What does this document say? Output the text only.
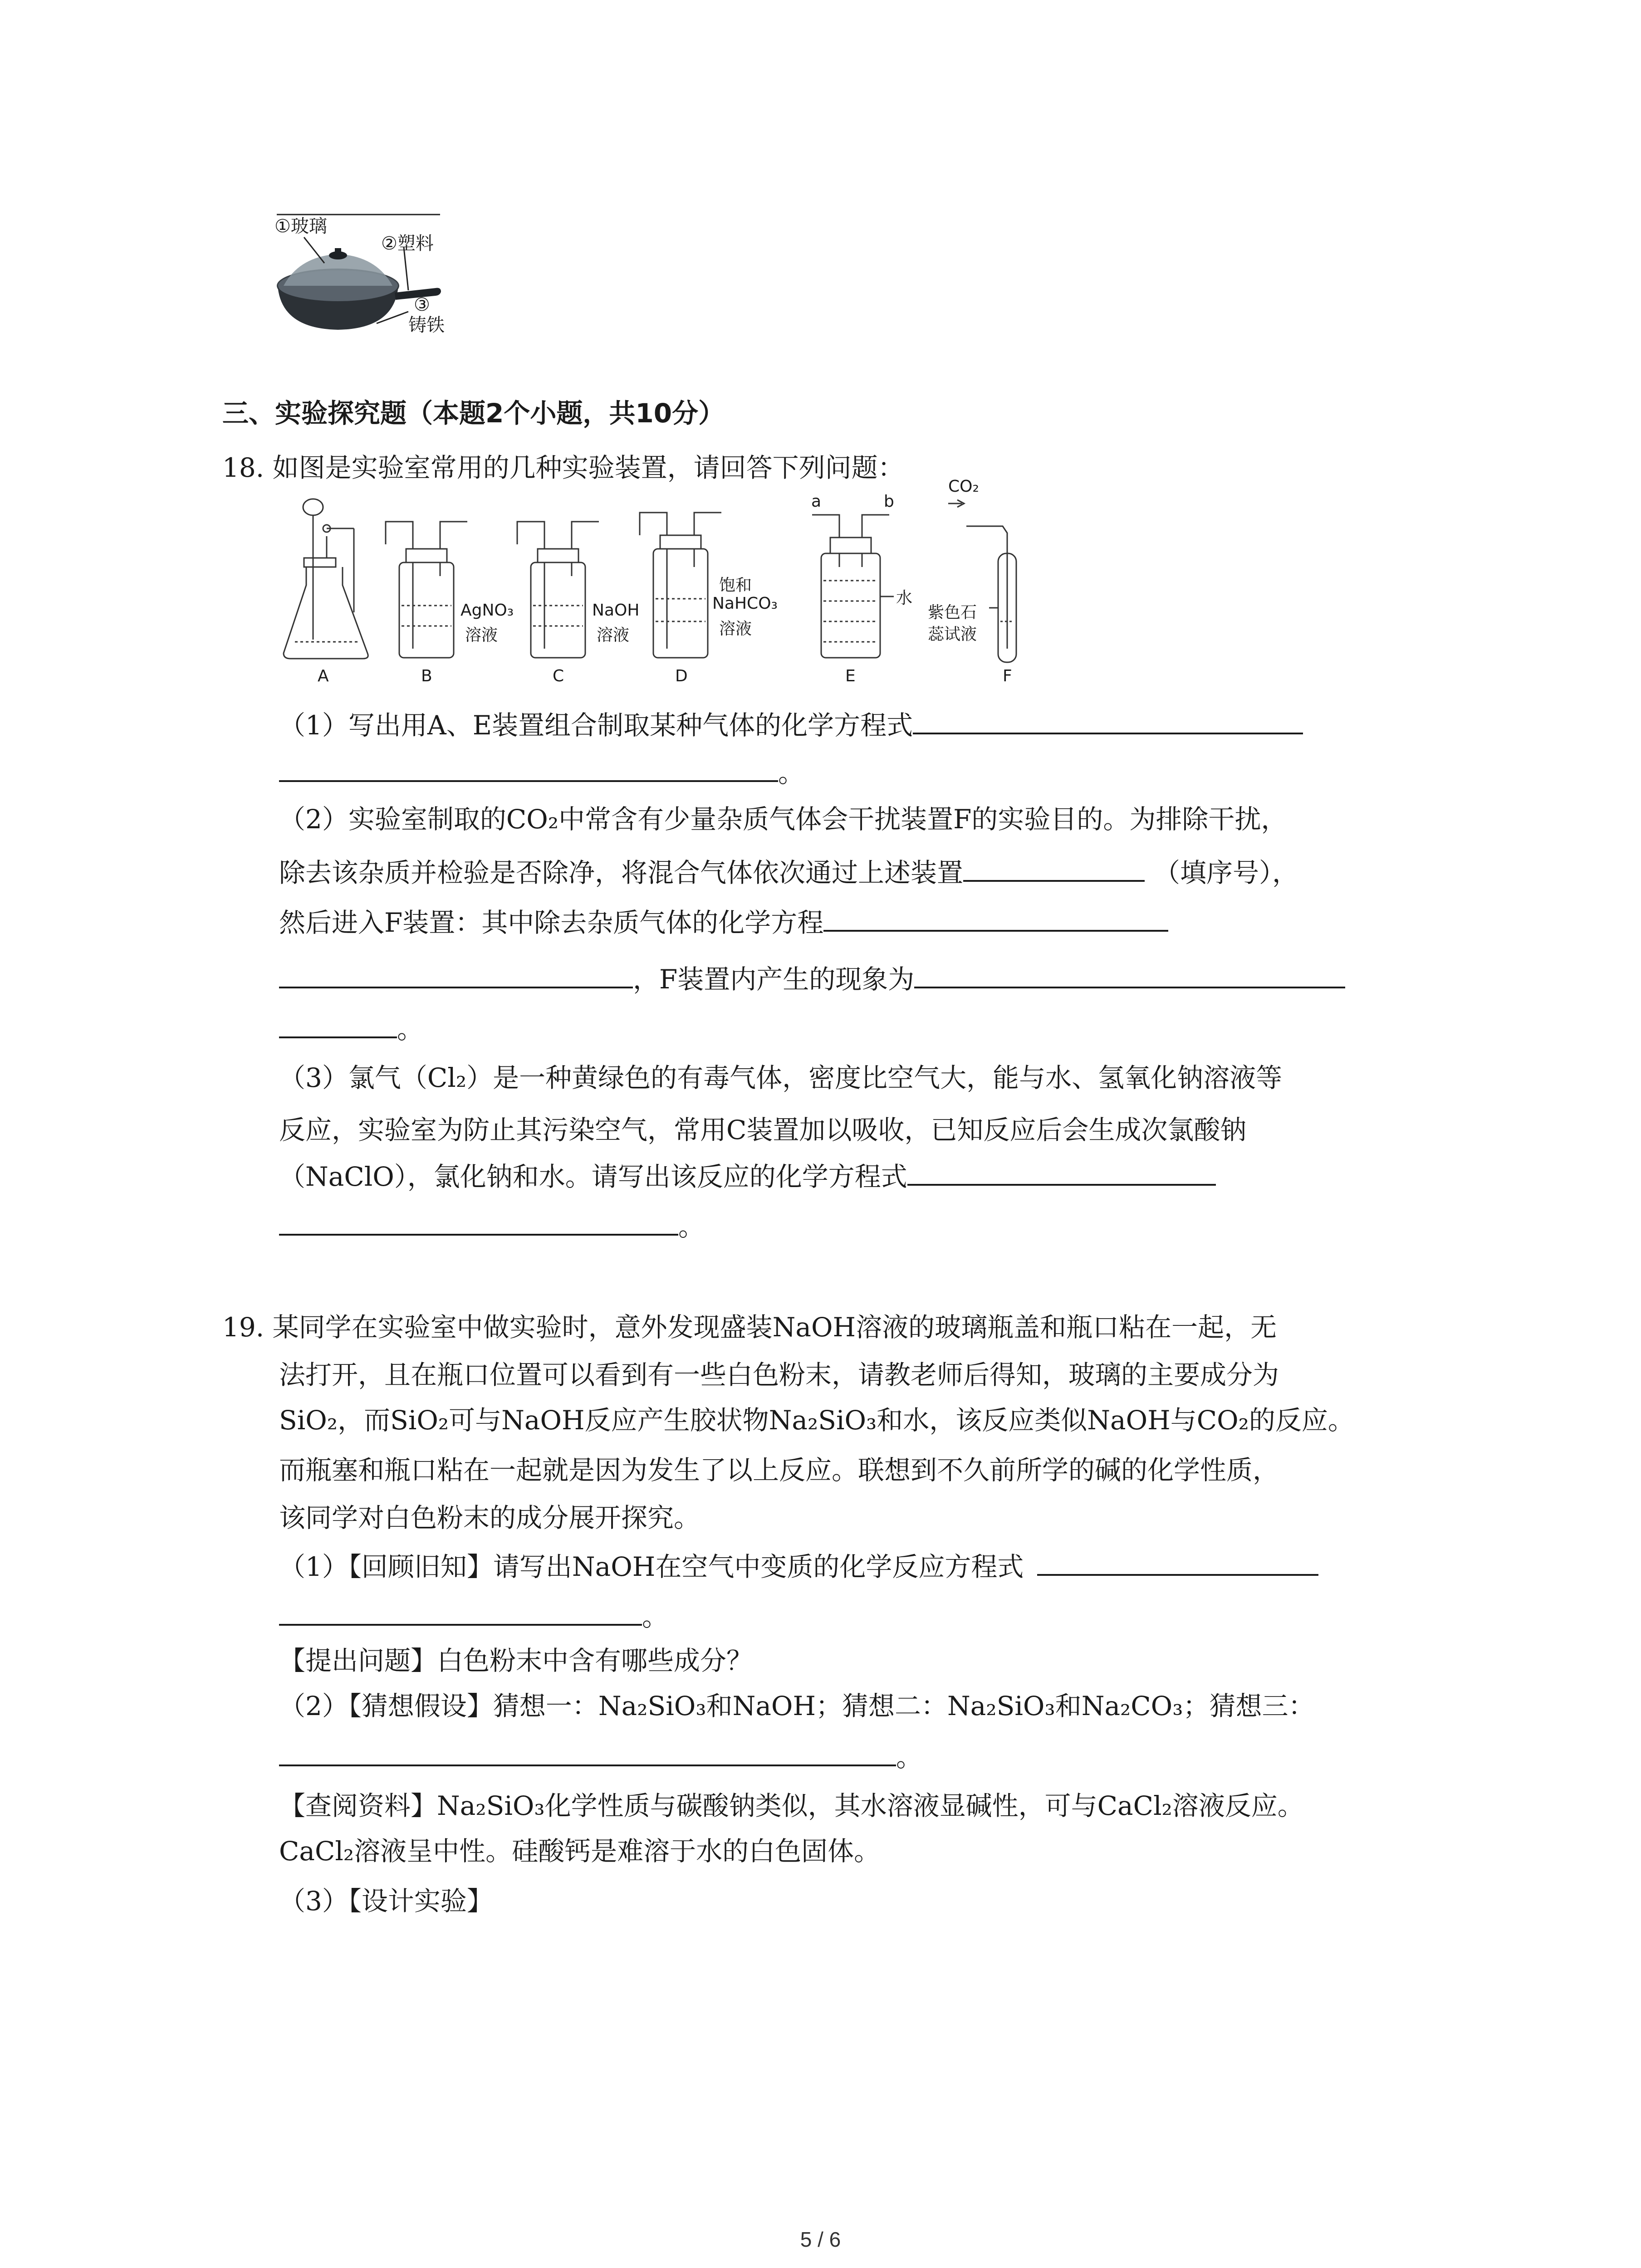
①玻璃
②塑料
③
铸铁
三、实验探究题（本题2个小题，共10分）
18. 如图是实验室常用的几种实验装置，请回答下列问题：
A	B	C	D	E	F
AgNO₃
溶液
NaOH
溶液
饱和
NaHCO₃
溶液
a	b
水
CO₂
紫色石
蕊试液
（1）写出用A、E装置组合制取某种气体的化学方程式
。
（2）实验室制取的CO₂中常含有少量杂质气体会干扰装置F的实验目的。为排除干扰，
除去该杂质并检验是否除净，将混合气体依次通过上述装置	（填序号），
然后进入F装置：其中除去杂质气体的化学方程
，F装置内产生的现象为
。
（3）氯气（Cl₂）是一种黄绿色的有毒气体，密度比空气大，能与水、氢氧化钠溶液等
反应，实验室为防止其污染空气，常用C装置加以吸收，已知反应后会生成次氯酸钠
（NaClO），氯化钠和水。请写出该反应的化学方程式
。
19. 某同学在实验室中做实验时，意外发现盛装NaOH溶液的玻璃瓶盖和瓶口粘在一起，无
法打开，且在瓶口位置可以看到有一些白色粉末，请教老师后得知，玻璃的主要成分为
SiO₂，而SiO₂可与NaOH反应产生胶状物Na₂SiO₃和水，该反应类似NaOH与CO₂的反应。
而瓶塞和瓶口粘在一起就是因为发生了以上反应。联想到不久前所学的碱的化学性质，
该同学对白色粉末的成分展开探究。
（1）【回顾旧知】请写出NaOH在空气中变质的化学反应方程式
。
【提出问题】白色粉末中含有哪些成分？
（2）【猜想假设】猜想一：Na₂SiO₃和NaOH；猜想二：Na₂SiO₃和Na₂CO₃；猜想三：
。
【查阅资料】Na₂SiO₃化学性质与碳酸钠类似，其水溶液显碱性，可与CaCl₂溶液反应。
CaCl₂溶液呈中性。硅酸钙是难溶于水的白色固体。
（3）【设计实验】
5 / 6
